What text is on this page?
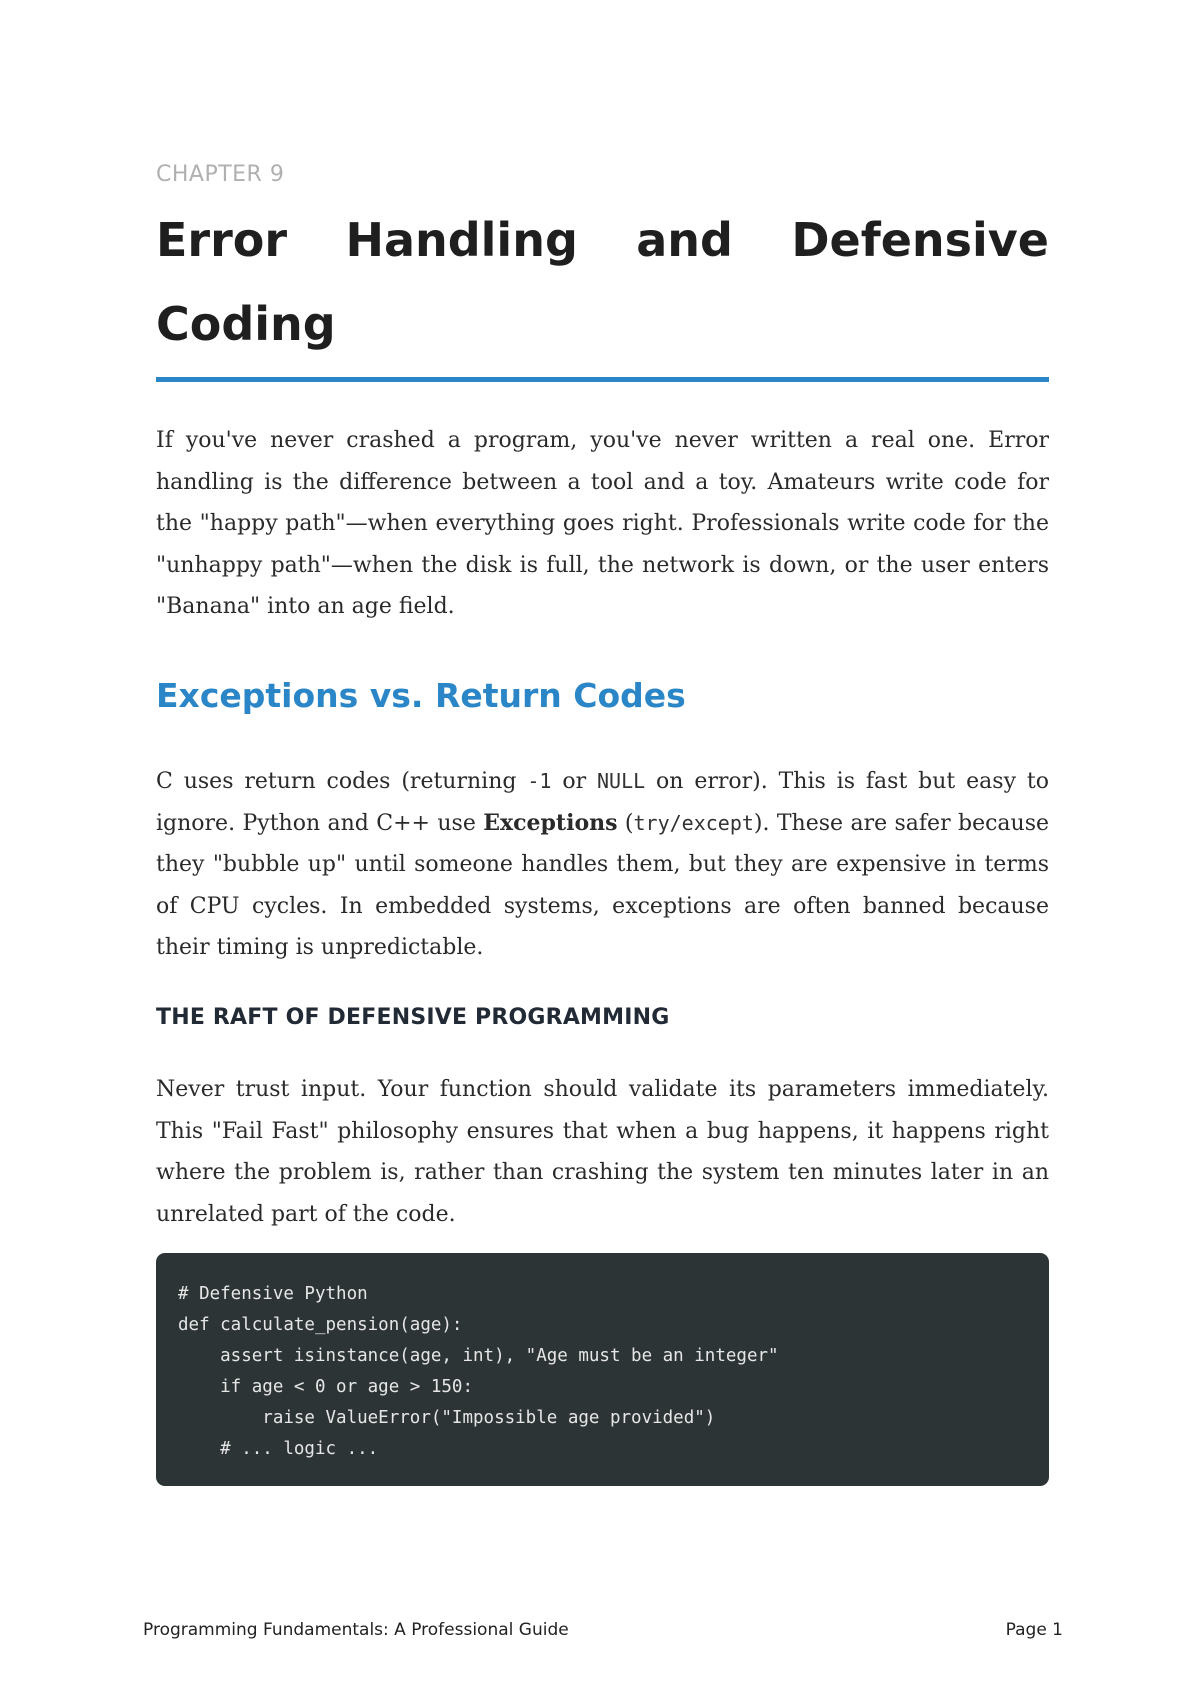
CHAPTER 9

Error Handling and Defensive Coding

If you've never crashed a program, you've never written a real one. Error handling is the difference between a tool and a toy. Amateurs write code for the "happy path"—when everything goes right. Professionals write code for the "unhappy path"—when the disk is full, the network is down, or the user enters "Banana" into an age field.

Exceptions vs. Return Codes

C uses return codes (returning -1 or NULL on error). This is fast but easy to ignore. Python and C++ use Exceptions (try/except). These are safer because they "bubble up" until someone handles them, but they are expensive in terms of CPU cycles. In embedded systems, exceptions are often banned because their timing is unpredictable.

THE RAFT OF DEFENSIVE PROGRAMMING

Never trust input. Your function should validate its parameters immediately. This "Fail Fast" philosophy ensures that when a bug happens, it happens right where the problem is, rather than crashing the system ten minutes later in an unrelated part of the code.

# Defensive Python
def calculate_pension(age):
assert isinstance(age, int), "Age must be an integer"
if age < 0 or age > 150:
raise ValueError("Impossible age provided")
# ... logic ...
Programming Fundamentals: A Professional Guide	Page 1
